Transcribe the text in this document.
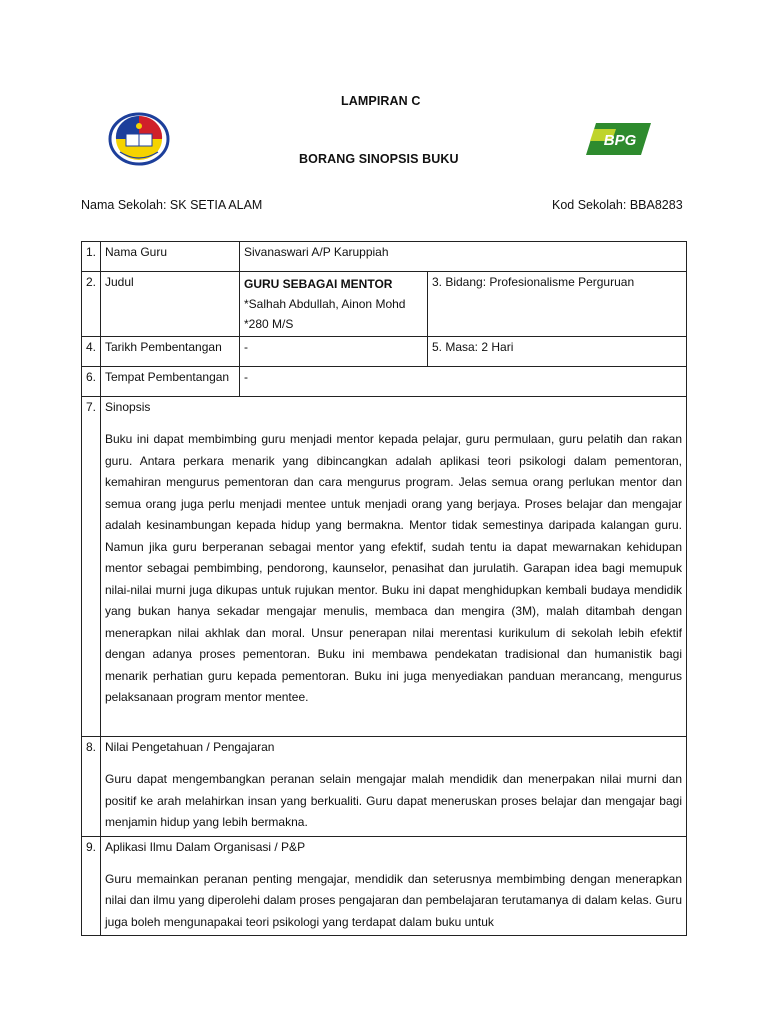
BPG
LAMPIRAN C
BORANG SINOPSIS BUKU
Nama Sekolah: SK SETIA ALAM	Kod Sekolah: BBA8283
1.	Nama Guru	Sivanaswari A/P Karuppiah	
2.	Judul	GURU SEBAGAI MENTOR
*Salhah Abdullah, Ainon Mohd
*280 M/S	3. Bidang: Profesionalisme Perguruan
4.	Tarikh Pembentangan	-	5. Masa: 2 Hari
6.	Tempat Pembentangan	-	
7.	Sinopsis
Buku ini dapat membimbing guru menjadi mentor kepada pelajar, guru permulaan, guru pelatih dan rakan guru. Antara perkara menarik yang dibincangkan adalah aplikasi teori psikologi dalam pementoran, kemahiran mengurus pementoran dan cara mengurus program. Jelas semua orang perlukan mentor dan semua orang juga perlu menjadi mentee untuk menjadi orang yang berjaya. Proses belajar dan mengajar adalah kesinambungan kepada hidup yang bermakna. Mentor tidak semestinya daripada kalangan guru. Namun jika guru berperanan sebagai mentor yang efektif, sudah tentu ia dapat mewarnakan kehidupan mentor sebagai pembimbing, pendorong, kaunselor, penasihat dan jurulatih. Garapan idea bagi memupuk nilai-nilai murni juga dikupas untuk rujukan mentor. Buku ini dapat menghidupkan kembali budaya mendidik yang bukan hanya sekadar mengajar menulis, membaca dan mengira (3M), malah ditambah dengan menerapkan nilai akhlak dan moral. Unsur penerapan nilai merentasi kurikulum di sekolah lebih efektif dengan adanya proses pementoran. Buku ini membawa pendekatan tradisional dan humanistik bagi menarik perhatian guru kepada pementoran. Buku ini juga menyediakan panduan merancang, mengurus pelaksanaan program mentor mentee.		

8.	Nilai Pengetahuan / Pengajaran
Guru dapat mengembangkan peranan selain mengajar malah mendidik dan menerpakan nilai murni dan positif ke arah melahirkan insan yang berkualiti. Guru dapat meneruskan proses belajar dan mengajar bagi menjamin hidup yang lebih bermakna.		

9.	Aplikasi Ilmu Dalam Organisasi / P&P
Guru memainkan peranan penting mengajar, mendidik dan seterusnya membimbing dengan menerapkan nilai dan ilmu yang diperolehi dalam proses pengajaran dan pembelajaran terutamanya di dalam kelas. Guru juga boleh mengunapakai teori psikologi yang terdapat dalam buku untuk		
